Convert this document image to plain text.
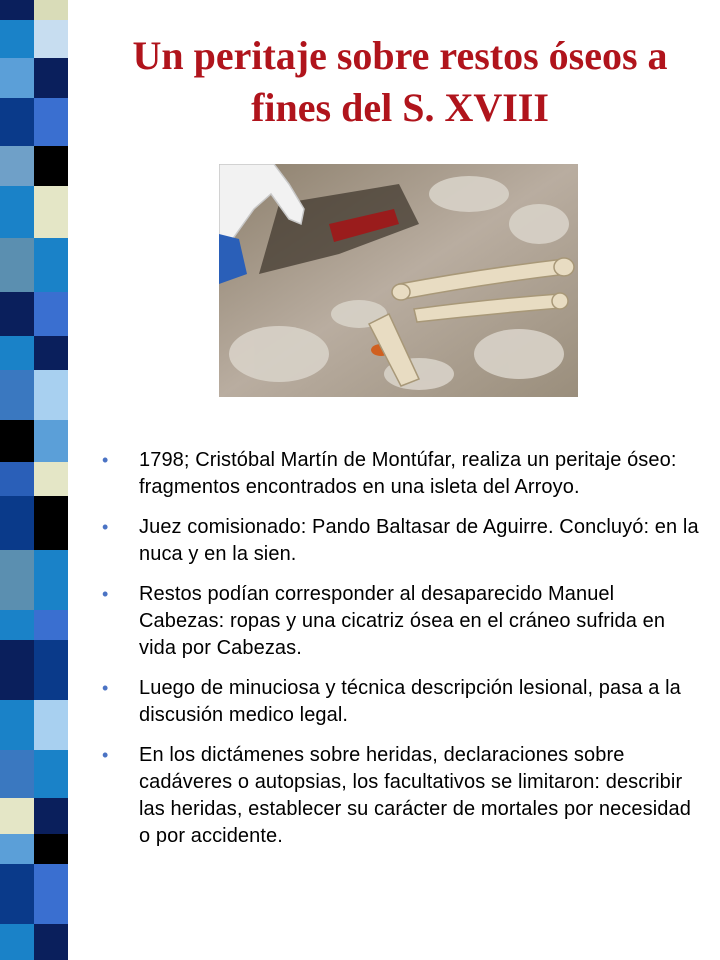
Un peritaje sobre restos óseos a
fines del S. XVIII
• 1798; Cristóbal Martín de Montúfar, realiza un peritaje óseo: fragmentos encontrados en una isleta del Arroyo.
• Juez comisionado: Pando Baltasar de Aguirre. Concluyó: en la nuca y en la sien.
• Restos podían corresponder al desaparecido Manuel Cabezas: ropas y una cicatriz ósea en el cráneo sufrida en vida por Cabezas.
• Luego de minuciosa y técnica descripción lesional, pasa a la discusión medico legal.
• En los dictámenes sobre heridas, declaraciones sobre cadáveres o autopsias, los facultativos se limitaron: describir las heridas, establecer su carácter de mortales por necesidad o por accidente.
